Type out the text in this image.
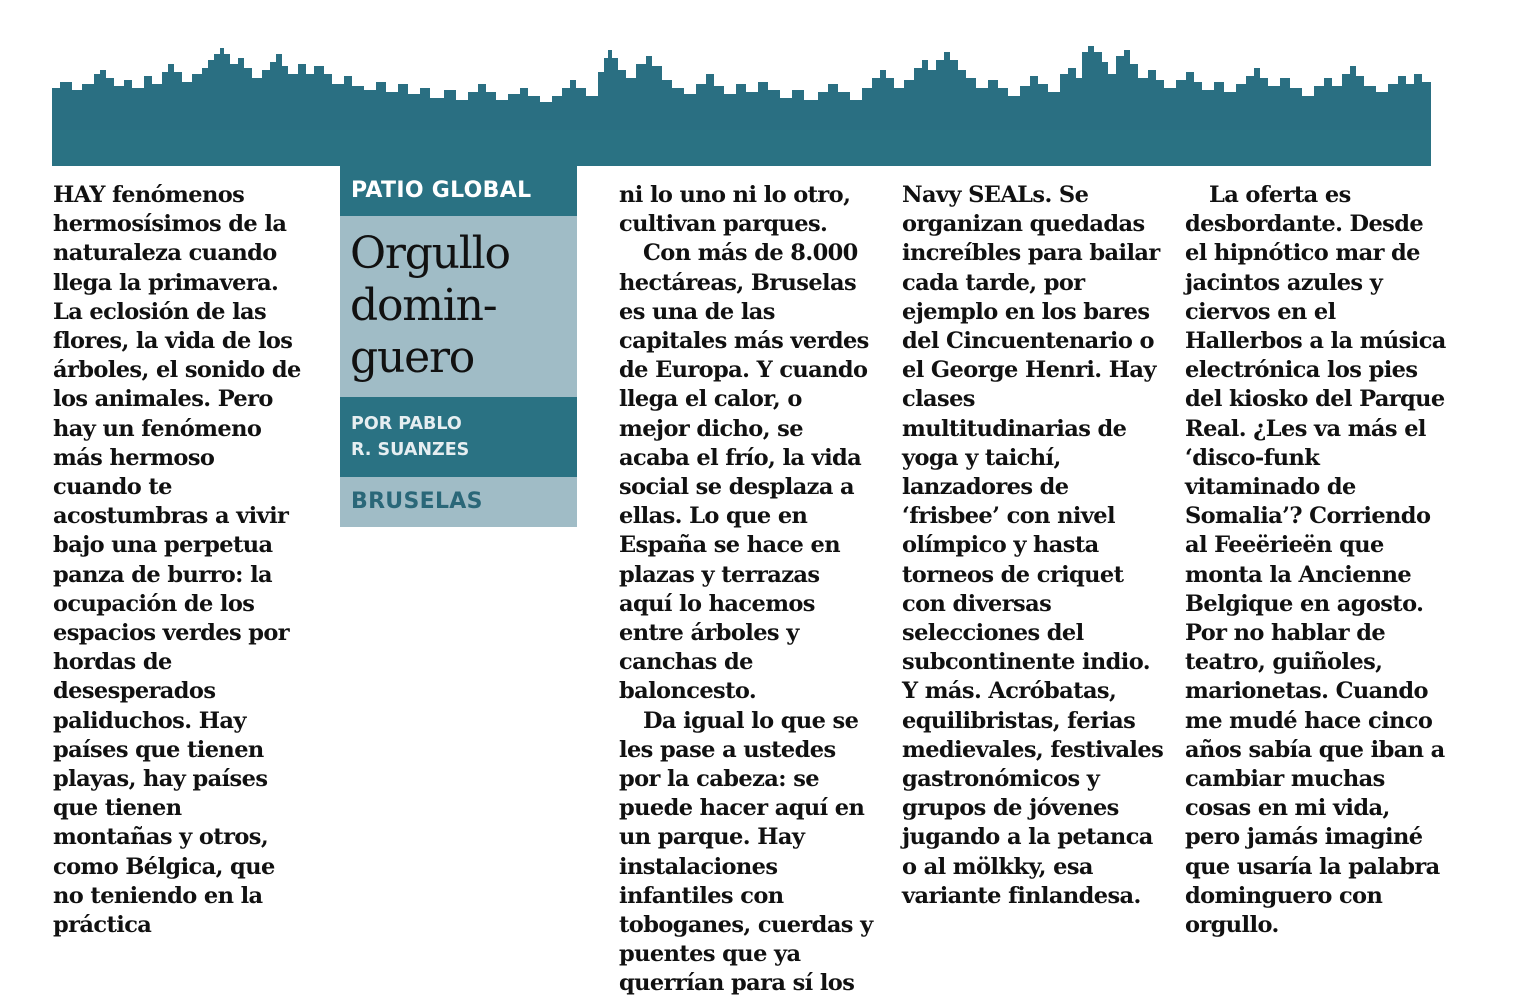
HAY fenómenos hermosísimos de la naturaleza cuando llega la primavera. La eclosión de las flores, la vida de los árboles, el sonido de los animales. Pero hay un fenómeno más hermoso cuando te acostumbras a vivir bajo una perpetua panza de burro: la ocupación de los espacios verdes por hordas de desesperados paliduchos. Hay países que tienen playas, hay países que tienen montañas y otros, como Bélgica, que no teniendo en la práctica

PATIO GLOBAL
Orgullo
domin-
guero
POR PABLO
R. SUANZES
BRUSELAS

ni lo uno ni lo otro, cultivan parques.

Con más de 8.000 hectáreas, Bruselas es una de las capitales más verdes de Europa. Y cuando llega el calor, o mejor dicho, se acaba el frío, la vida social se desplaza a ellas. Lo que en España se hace en plazas y terrazas aquí lo hacemos entre árboles y canchas de baloncesto.

Da igual lo que se les pase a ustedes por la cabeza: se puede hacer aquí en un parque. Hay instalaciones infantiles con toboganes, cuerdas y puentes que ya querrían para sí los

Navy SEALs. Se organizan quedadas increíbles para bailar cada tarde, por ejemplo en los bares del Cincuentenario o el George Henri. Hay clases multitudinarias de yoga y taichí, lanzadores de ‘frisbee’ con nivel olímpico y hasta torneos de criquet con diversas selecciones del subcontinente indio. Y más. Acróbatas, equilibristas, ferias medievales, festivales gastronómicos y grupos de jóvenes jugando a la petanca o al mölkky, esa variante finlandesa.

La oferta es desbordante. Desde el hipnótico mar de jacintos azules y ciervos en el Hallerbos a la música electrónica los pies del kiosko del Parque Real. ¿Les va más el ‘disco-funk vitaminado de Somalia’? Corriendo al Feeërieën que monta la Ancienne Belgique en agosto. Por no hablar de teatro, guiñoles, marionetas. Cuando me mudé hace cinco años sabía que iban a cambiar muchas cosas en mi vida, pero jamás imaginé que usaría la palabra dominguero con orgullo.
